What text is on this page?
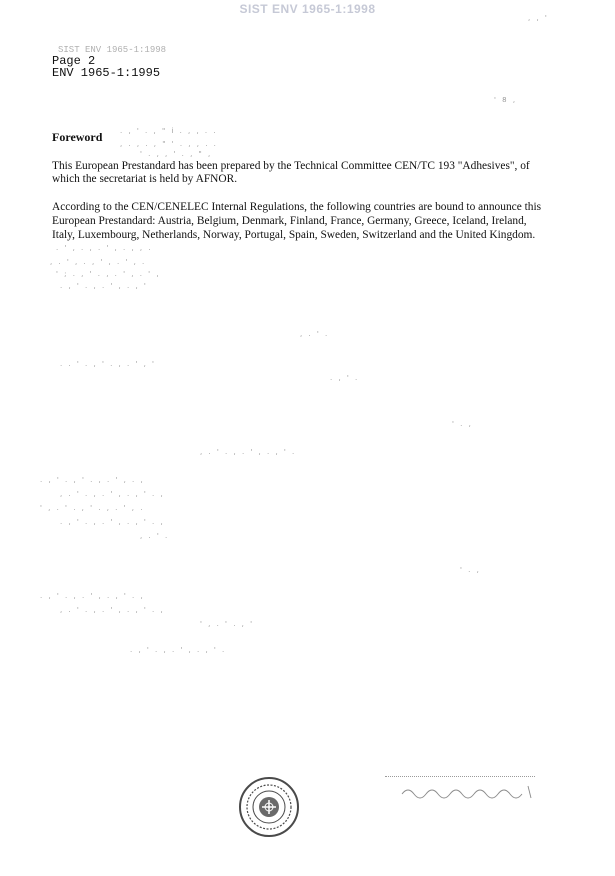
SIST ENV 1965-1:1998
, , '
SIST ENV 1965-1:1998
Page 2
ENV 1965-1:1995
' 8 ,
Foreword	. , ' . , " i . , , . .
, . , . , " ' . , , . .
' . , , ' . , " ,
This European Prestandard has been prepared by the Technical Committee CEN/TC 193 "Adhesives", of
which the secretariat is held by AFNOR.
According to the CEN/CENELEC Internal Regulations, the following countries are bound to announce this
European Prestandard: Austria, Belgium, Denmark, Finland, France, Germany, Greece, Iceland, Ireland,
Italy, Luxembourg, Netherlands, Norway, Portugal, Spain, Sweden, Switzerland and the United Kingdom.
. ' , . , . ' , . , , .
, . ' , . , ' , . ' , .
' ; . , ' . , . ' , . ' ,
. , ' . , . ' , . , '
, . ' .
. . ' . , ' . , . ' , '
. , ' .
' . ,
, . ' . , . ' , . , ' .
. , ' . , ' . , . ' , . ,
, . ' . , . ' , . , ' . ,
' , . ' . , ' . , . ' , .
. , ' . , . ' , . , ' . ,
, . ' .
' . ,
. , ' . , . ' , . , ' . ,
, . ' . , . ' , . , ' . ,
' , . ' . , '
. , ' . , . ' , . , ' .
